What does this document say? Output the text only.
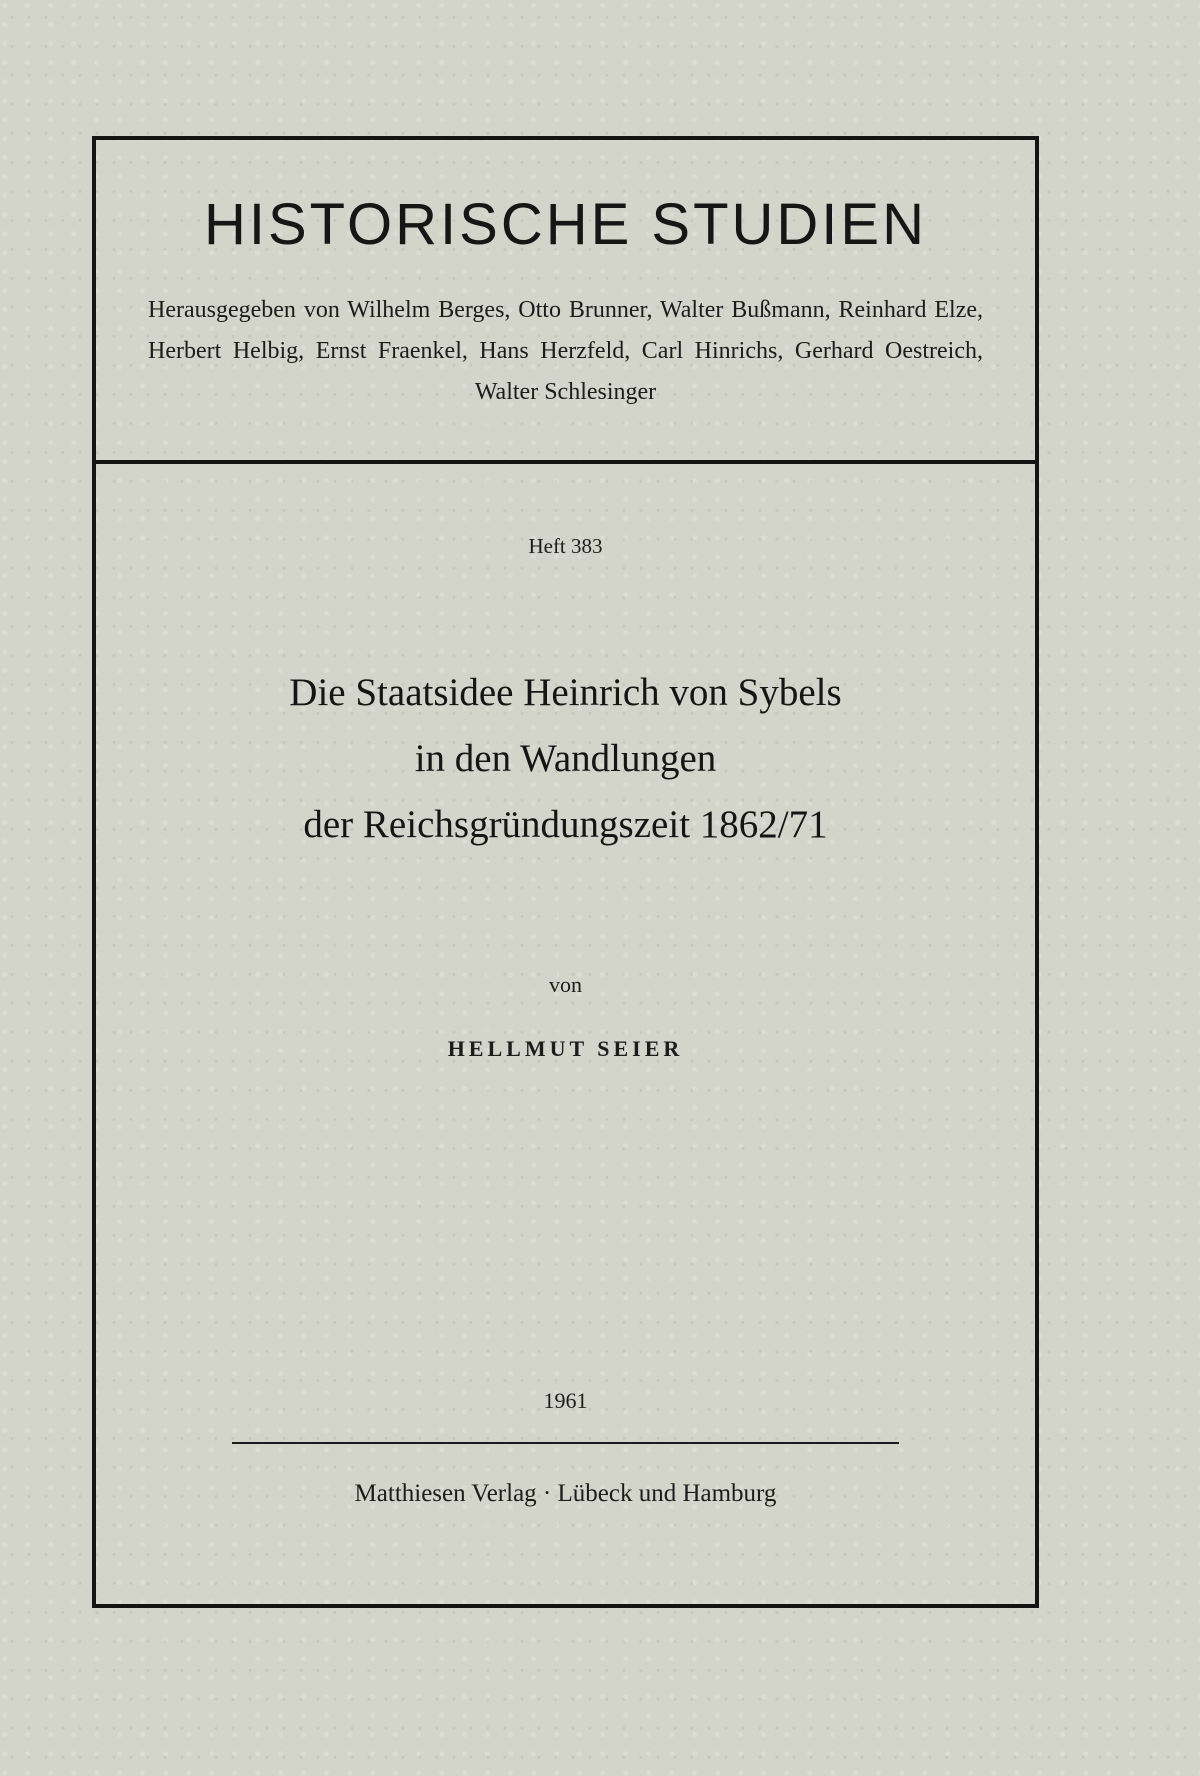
HISTORISCHE STUDIEN
Herausgegeben von Wilhelm Berges, Otto Brunner, Walter Bußmann, Reinhard Elze, Herbert Helbig, Ernst Fraenkel, Hans Herzfeld, Carl Hinrichs, Gerhard Oestreich, Walter Schlesinger
Heft 383
Die Staatsidee Heinrich von Sybels
in den Wandlungen
der Reichsgründungszeit 1862/71
von
HELLMUT SEIER
1961
Matthiesen Verlag · Lübeck und Hamburg
